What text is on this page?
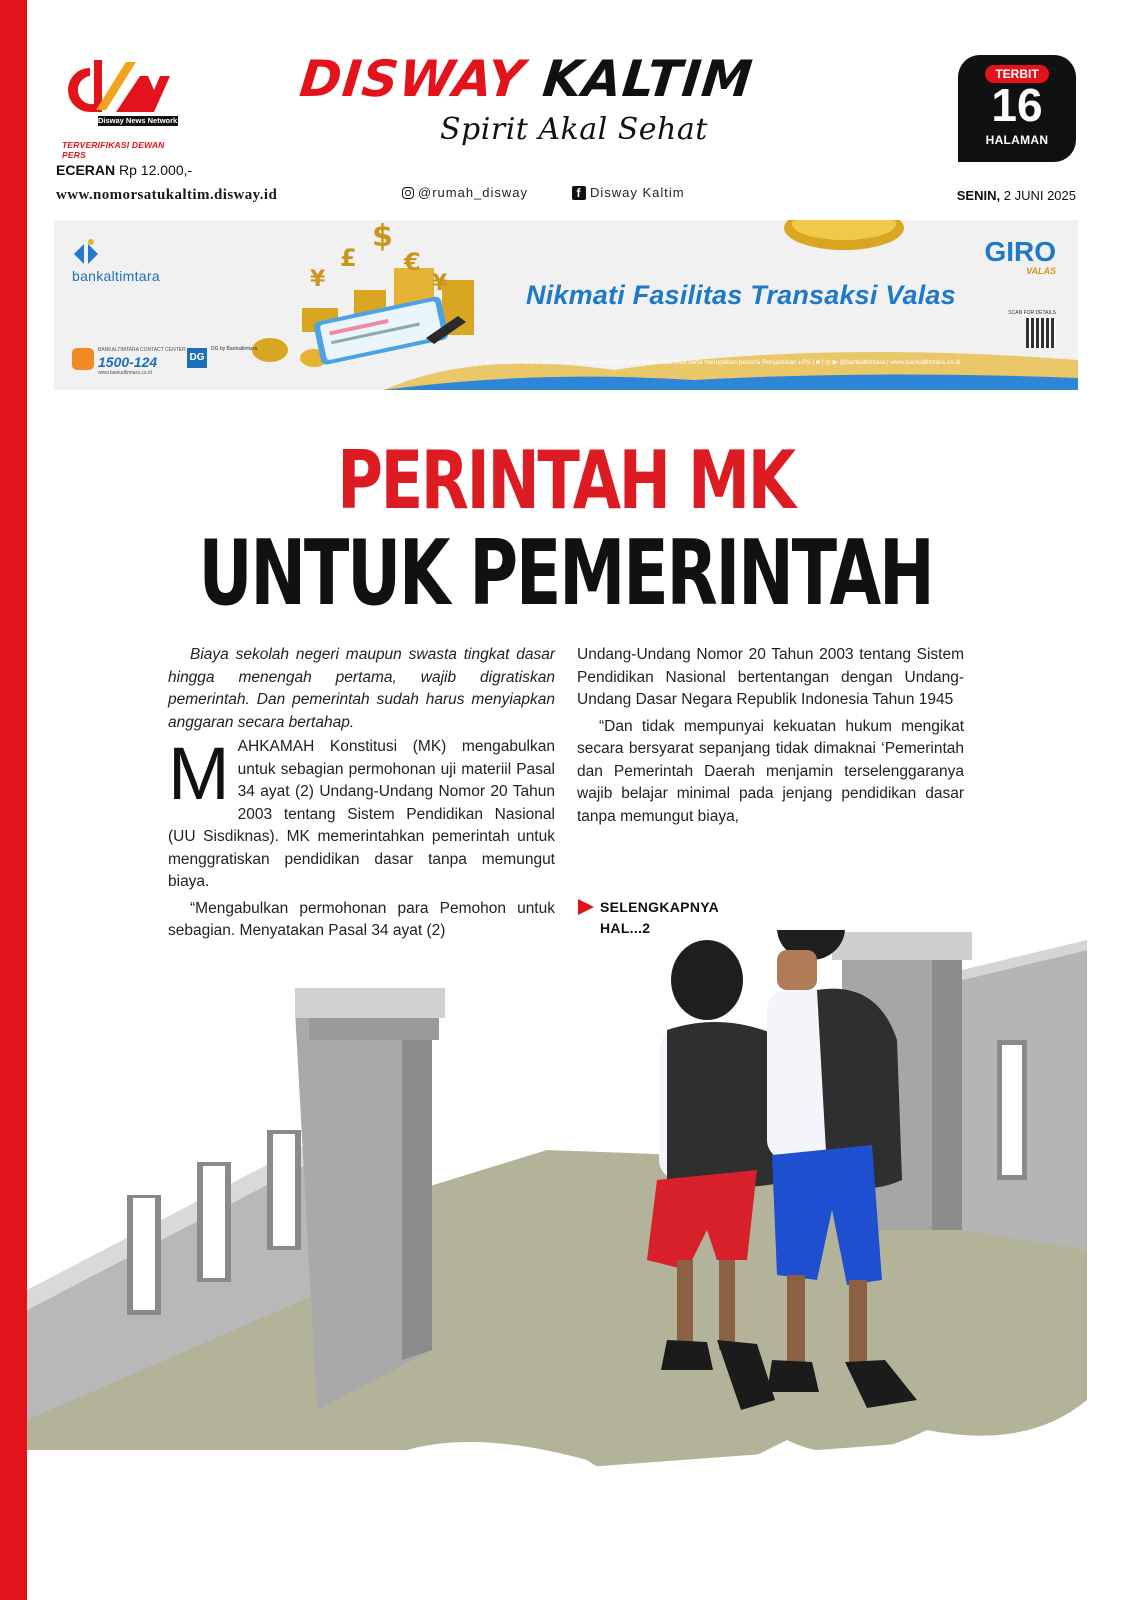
Disway News Network
TERVERIFIKASI DEWAN PERS
ECERAN Rp 12.000,-
www.nomorsatukaltim.disway.id
DISWAY KALTIM
Spirit Akal Sehat
@rumah_disway	f Disway Kaltim
TERBIT
16
HALAMAN
SENIN, 2 JUNI 2025
¥
£
$
€
¥
bankaltimtara
Nikmati Fasilitas Transaksi Valas
GIRO
VALAS
BANKALTIMTARA CONTACT CENTER
1500-124
www.bankaltimtara.co.id
DG
DG by Bankaltimtara
SCAN FOR DETAILS
PT BPD Kaltim Kaltara Berizin dan Diawasi oleh OJK dan Bank Indonesia serta merupakan peserta Penjaminan LPS | ■ f ◎ ▶ @bankaltimtara | www.bankaltimtara.co.id
PERINTAH MK
UNTUK PEMERINTAH

Biaya sekolah negeri maupun swasta tingkat dasar hingga menengah pertama, wajib digratiskan pemerintah. Dan pemerintah sudah harus menyiapkan anggaran secara bertahap.

MAHKAMAH Konstitusi (MK) mengabulkan untuk sebagian permohonan uji materiil Pasal 34 ayat (2) Undang-Undang Nomor 20 Tahun 2003 tentang Sistem Pendidikan Nasional (UU Sisdiknas). MK memerintahkan pemerintah untuk menggratiskan pendidikan dasar tanpa memungut biaya.

“Mengabulkan permohonan para Pemohon untuk sebagian. Menyatakan Pasal 34 ayat (2)

Undang-Undang Nomor 20 Tahun 2003 tentang Sistem Pendidikan Nasional bertentangan dengan Undang-Undang Dasar Negara Republik Indonesia Tahun 1945

“Dan tidak mempunyai kekuatan hukum mengikat secara bersyarat sepanjang tidak dimaknai ‘Pemerintah dan Pemerintah Daerah menjamin terselenggaranya wajib belajar minimal pada jenjang pendidikan dasar tanpa memungut biaya,

SELENGKAPNYA
HAL...2
